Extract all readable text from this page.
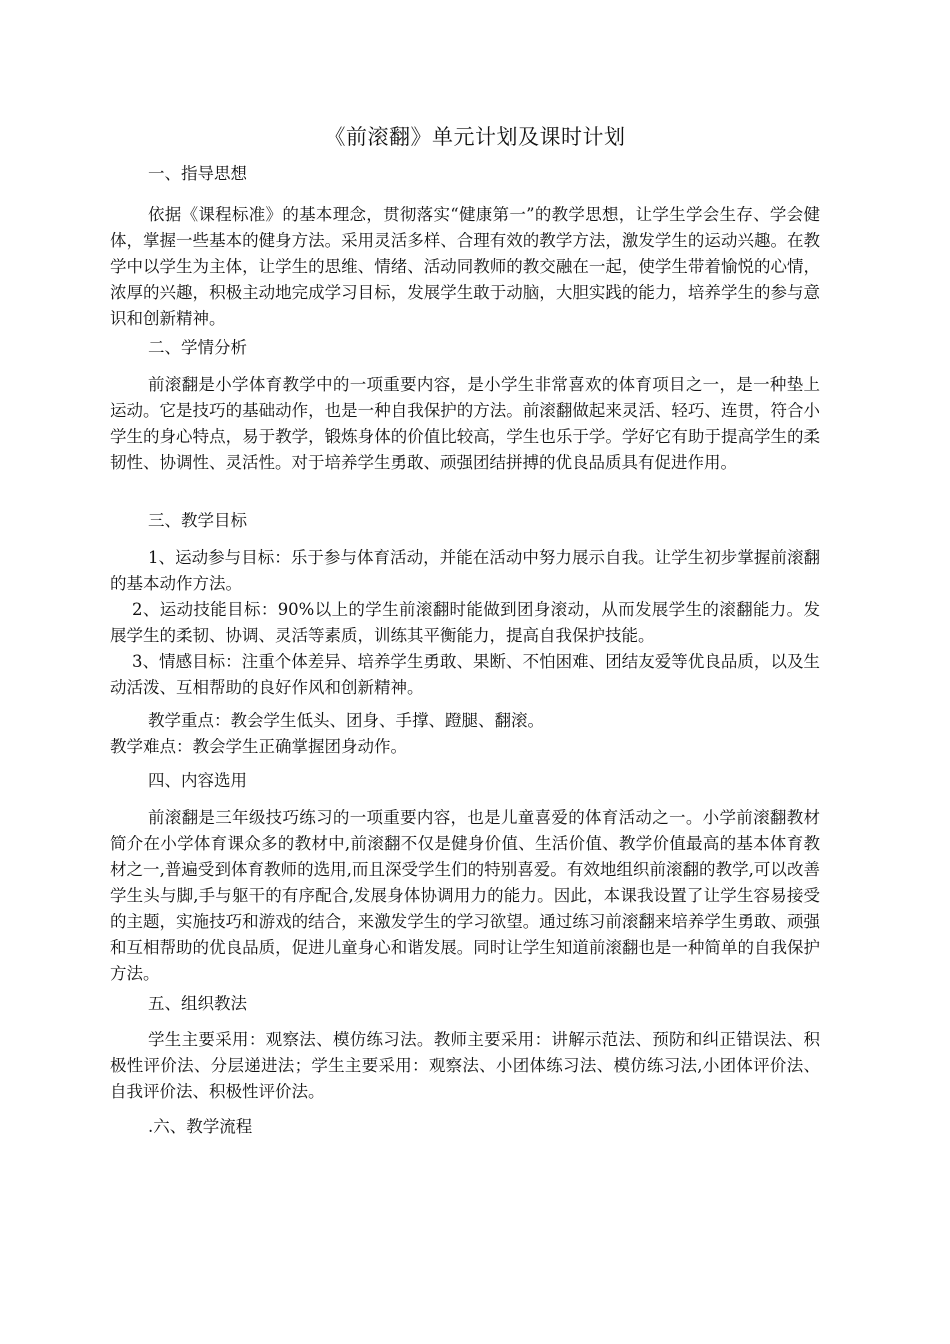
《前滚翻》单元计划及课时计划
一、指导思想

依据《课程标准》的基本理念，贯彻落实“健康第一”的教学思想，让学生学会生存、学会健体，掌握一些基本的健身方法。采用灵活多样、合理有效的教学方法，激发学生的运动兴趣。在教学中以学生为主体，让学生的思维、情绪、活动同教师的教交融在一起，使学生带着愉悦的心情，浓厚的兴趣，积极主动地完成学习目标，发展学生敢于动脑，大胆实践的能力，培养学生的参与意识和创新精神。

二、学情分析

前滚翻是小学体育教学中的一项重要内容，是小学生非常喜欢的体育项目之一，是一种垫上运动。它是技巧的基础动作，也是一种自我保护的方法。前滚翻做起来灵活、轻巧、连贯，符合小学生的身心特点，易于教学，锻炼身体的价值比较高，学生也乐于学。学好它有助于提高学生的柔韧性、协调性、灵活性。对于培养学生勇敢、顽强团结拼搏的优良品质具有促进作用。

三、教学目标

1、运动参与目标：乐于参与体育活动，并能在活动中努力展示自我。让学生初步掌握前滚翻的基本动作方法。

2、运动技能目标：90%以上的学生前滚翻时能做到团身滚动，从而发展学生的滚翻能力。发展学生的柔韧、协调、灵活等素质，训练其平衡能力，提高自我保护技能。

3、情感目标：注重个体差异、培养学生勇敢、果断、不怕困难、团结友爱等优良品质，以及生动活泼、互相帮助的良好作风和创新精神。

教学重点：教会学生低头、团身、手撑、蹬腿、翻滚。
教学难点：教会学生正确掌握团身动作。
四、内容选用

前滚翻是三年级技巧练习的一项重要内容，也是儿童喜爱的体育活动之一。小学前滚翻教材简介在小学体育课众多的教材中,前滚翻不仅是健身价值、生活价值、教学价值最高的基本体育教材之一,普遍受到体育教师的选用,而且深受学生们的特别喜爱。有效地组织前滚翻的教学,可以改善学生头与脚,手与躯干的有序配合,发展身体协调用力的能力。因此，本课我设置了让学生容易接受的主题，实施技巧和游戏的结合，来激发学生的学习欲望。通过练习前滚翻来培养学生勇敢、顽强和互相帮助的优良品质，促进儿童身心和谐发展。同时让学生知道前滚翻也是一种简单的自我保护方法。

五、组织教法

学生主要采用：观察法、模仿练习法。教师主要采用：讲解示范法、预防和纠正错误法、积极性评价法、分层递进法；学生主要采用：观察法、小团体练习法、模仿练习法,小团体评价法、自我评价法、积极性评价法。

.六、教学流程
